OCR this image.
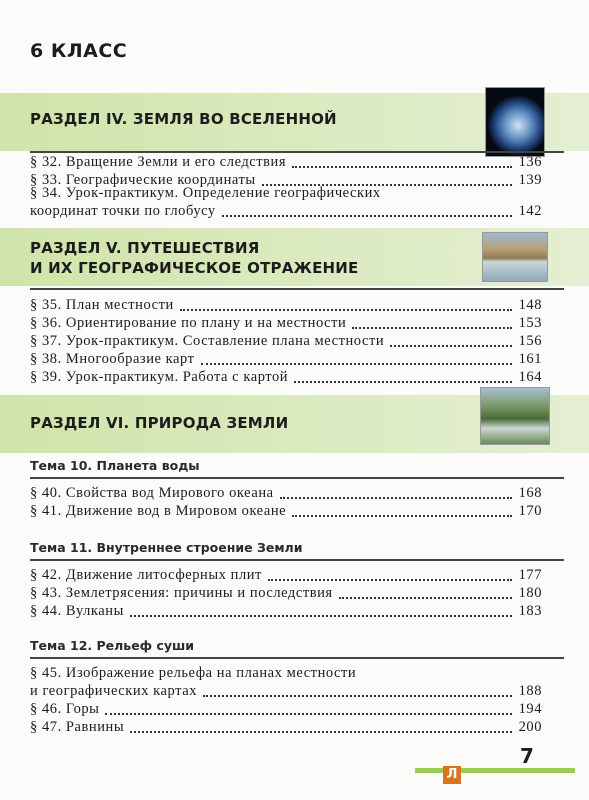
6 КЛАСС
РАЗДЕЛ IV. ЗЕМЛЯ ВО ВСЕЛЕННОЙ
§ 32. Вращение Земли и его следствия	136
§ 33. Географические координаты	139
§ 34. Урок-практикум. Определение географических
координат точки по глобусу	142
РАЗДЕЛ V. ПУТЕШЕСТВИЯ
И ИХ ГЕОГРАФИЧЕСКОЕ ОТРАЖЕНИЕ
§ 35. План местности	148
§ 36. Ориентирование по плану и на местности	153
§ 37. Урок-практикум. Составление плана местности	156
§ 38. Многообразие карт	161
§ 39. Урок-практикум. Работа с картой	164
РАЗДЕЛ VI. ПРИРОДА ЗЕМЛИ
Тема 10. Планета воды
§ 40. Свойства вод Мирового океана	168
§ 41. Движение вод в Мировом океане	170
Тема 11. Внутреннее строение Земли
§ 42. Движение литосферных плит	177
§ 43. Землетрясения: причины и последствия	180
§ 44. Вулканы	183
Тема 12. Рельеф суши
§ 45. Изображение рельефа на планах местности
и географических картах	188
§ 46. Горы	194
§ 47. Равнины	200
7
Л
